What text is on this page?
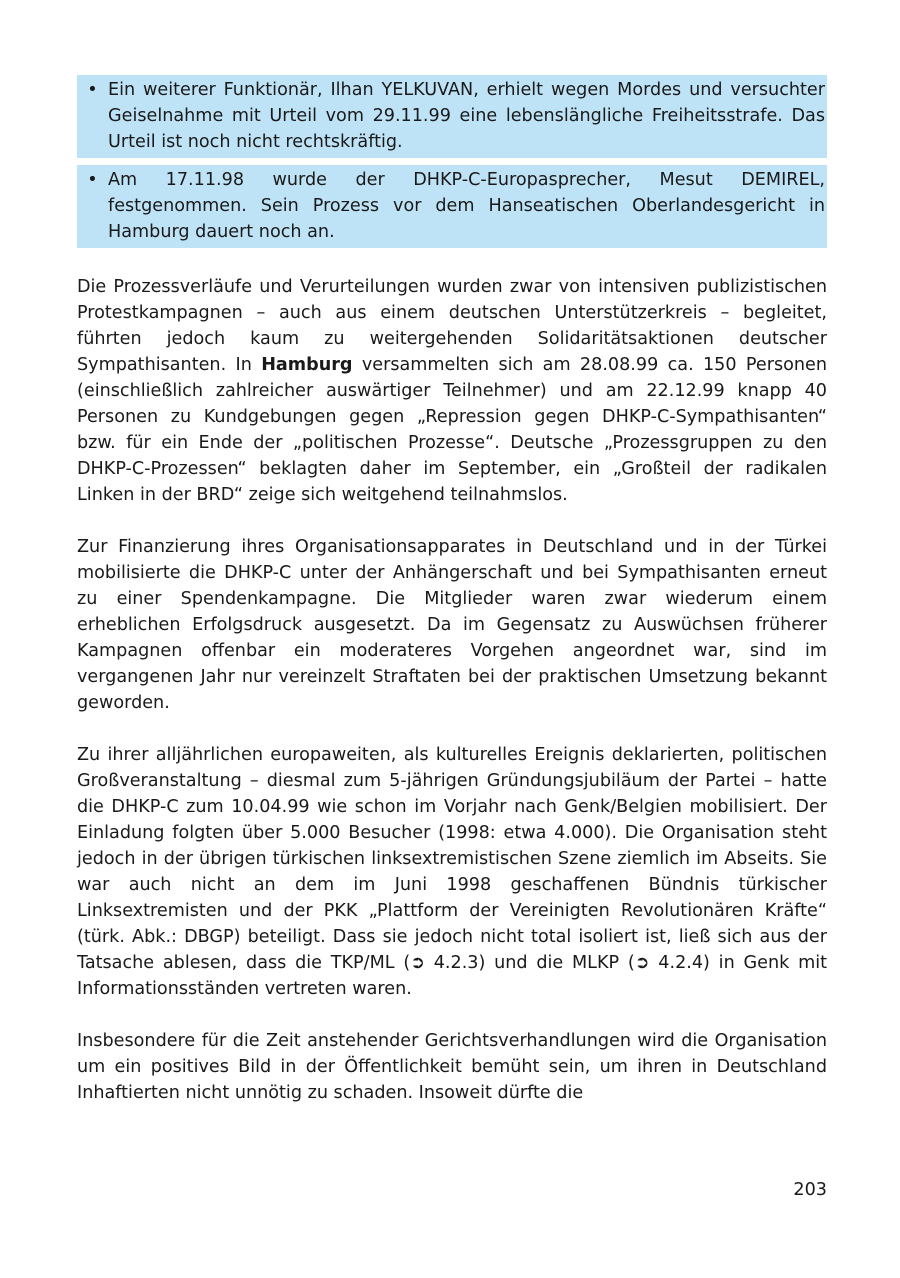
• Ein weiterer Funktionär, Ilhan YELKUVAN, erhielt wegen Mordes und versuchter Geiselnahme mit Urteil vom 29.11.99 eine lebenslängliche Freiheitsstrafe. Das Urteil ist noch nicht rechtskräftig.
• Am 17.11.98 wurde der DHKP-C-Europasprecher, Mesut DEMIREL, festgenommen. Sein Prozess vor dem Hanseatischen Oberlandesgericht in Hamburg dauert noch an.

Die Prozessverläufe und Verurteilungen wurden zwar von intensiven publizistischen Protestkampagnen – auch aus einem deutschen Unterstützerkreis – begleitet, führten jedoch kaum zu weitergehenden Solidaritätsaktionen deutscher Sympathisanten. In Hamburg versammelten sich am 28.08.99 ca. 150 Personen (einschließlich zahlreicher auswärtiger Teilnehmer) und am 22.12.99 knapp 40 Personen zu Kundgebungen gegen „Repression gegen DHKP-C-Sympathisanten“ bzw. für ein Ende der „politischen Prozesse“. Deutsche „Prozessgruppen zu den DHKP-C-Prozessen“ beklagten daher im September, ein „Großteil der radikalen Linken in der BRD“ zeige sich weitgehend teilnahmslos.

Zur Finanzierung ihres Organisationsapparates in Deutschland und in der Türkei mobilisierte die DHKP-C unter der Anhängerschaft und bei Sympathisanten erneut zu einer Spendenkampagne. Die Mitglieder waren zwar wiederum einem erheblichen Erfolgsdruck ausgesetzt. Da im Gegensatz zu Auswüchsen früherer Kampagnen offenbar ein moderateres Vorgehen angeordnet war, sind im vergangenen Jahr nur vereinzelt Straftaten bei der praktischen Umsetzung bekannt geworden.

Zu ihrer alljährlichen europaweiten, als kulturelles Ereignis deklarierten, politischen Großveranstaltung – diesmal zum 5-jährigen Gründungsjubiläum der Partei – hatte die DHKP-C zum 10.04.99 wie schon im Vorjahr nach Genk/Belgien mobilisiert. Der Einladung folgten über 5.000 Besucher (1998: etwa 4.000). Die Organisation steht jedoch in der übrigen türkischen linksextremistischen Szene ziemlich im Abseits. Sie war auch nicht an dem im Juni 1998 geschaffenen Bündnis türkischer Linksextremisten und der PKK „Plattform der Vereinigten Revolutionären Kräfte“ (türk. Abk.: DBGP) beteiligt. Dass sie jedoch nicht total isoliert ist, ließ sich aus der Tatsache ablesen, dass die TKP/ML (➲ 4.2.3) und die MLKP (➲ 4.2.4) in Genk mit Informationsständen vertreten waren.

Insbesondere für die Zeit anstehender Gerichtsverhandlungen wird die Organisation um ein positives Bild in der Öffentlichkeit bemüht sein, um ihren in Deutschland Inhaftierten nicht unnötig zu schaden. Insoweit dürfte die

203
